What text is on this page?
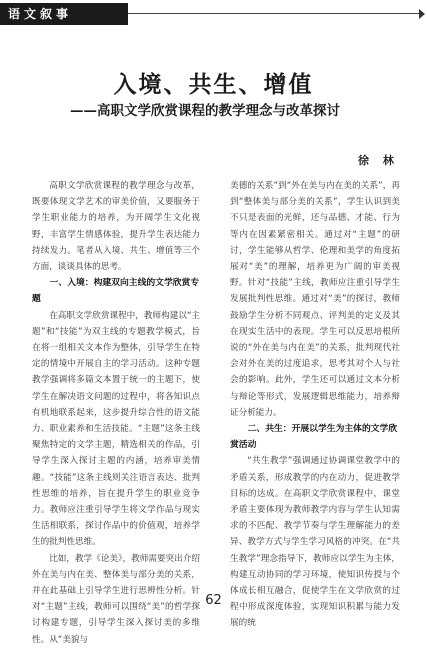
语文叙事
入境、共生、增值
——高职文学欣赏课程的教学理念与改革探讨
徐 林

高职文学欣赏课程的教学理念与改革，既要体现文学艺术的审美价值，又要服务于学生职业能力的培养，为开阔学生文化视野，丰富学生情感体验，提升学生表达能力持续发力。笔者从入境、共生、增值等三个方面，谈谈具体的思考。

一、入境：构建双向主线的文学欣赏专题

在高职文学欣赏课程中，教师构建以“主题”和“技能”为双主线的专题教学模式，旨在将一组相关文本作为整体，引导学生在特定的情境中开展自主的学习活动。这种专题教学强调将多篇文本置于统一的主题下，使学生在解决语文问题的过程中，将各知识点有机地联系起来，这步提升综合性的语文能力、职业素养和生活技能。“主题”这条主线聚焦特定的文学主题，精选相关的作品，引导学生深入探讨主题的内涵，培养审美情趣。“技能”这条主线则关注语言表达、批判性思维的培养，旨在提升学生的职业竞争力。教师应注重引导学生将文学作品与现实生活相联系，探讨作品中的价值观，培养学生的批判性思维。

比如，教学《论美》，教师需要突出介绍外在美与内在美、整体美与部分美的关系，并在此基础上引导学生进行思辨性分析。针对“主题”主线，教师可以围绕“美”的哲学探讨构建专题，引导学生深入探讨美的多维性。从“美貌与

美德的关系”到“外在美与内在美的关系”，再到“整体美与部分美的关系”，学生认识到美不只是表面的光鲜，还与品德、才能、行为等内在因素紧密相关。通过对“主题”的研讨，学生能够从哲学、伦理和美学的角度拓展对“美”的理解，培养更为广阔的审美视野。针对“技能”主线，教师应注重引导学生发展批判性思维。通过对“美”的探讨，教师鼓励学生分析不同观点、评判美的定义及其在现实生活中的表现。学生可以反思培根所说的“外在美与内在美”的关系，批判现代社会对外在美的过度追求，思考其对个人与社会的影响。此外，学生还可以通过文本分析与辩论等形式，发展逻辑思维能力，培养辩证分析能力。

二、共生：开展以学生为主体的文学欣赏活动

“共生教学”强调通过协调课堂教学中的矛盾关系，形成教学的内在动力，促进教学目标的达成。在高职文学欣赏课程中，课堂矛盾主要体现为教师教学内容与学生认知需求的不匹配、教学节奏与学生理解能力的差异、教学方式与学生学习风格的冲突。在“共生教学”理念指导下，教师应以学生为主体，构建互动协同的学习环境，使知识传授与个体成长相互融合，促使学生在文学欣赏的过程中形成深度体验，实现知识积累与能力发展的统

62
